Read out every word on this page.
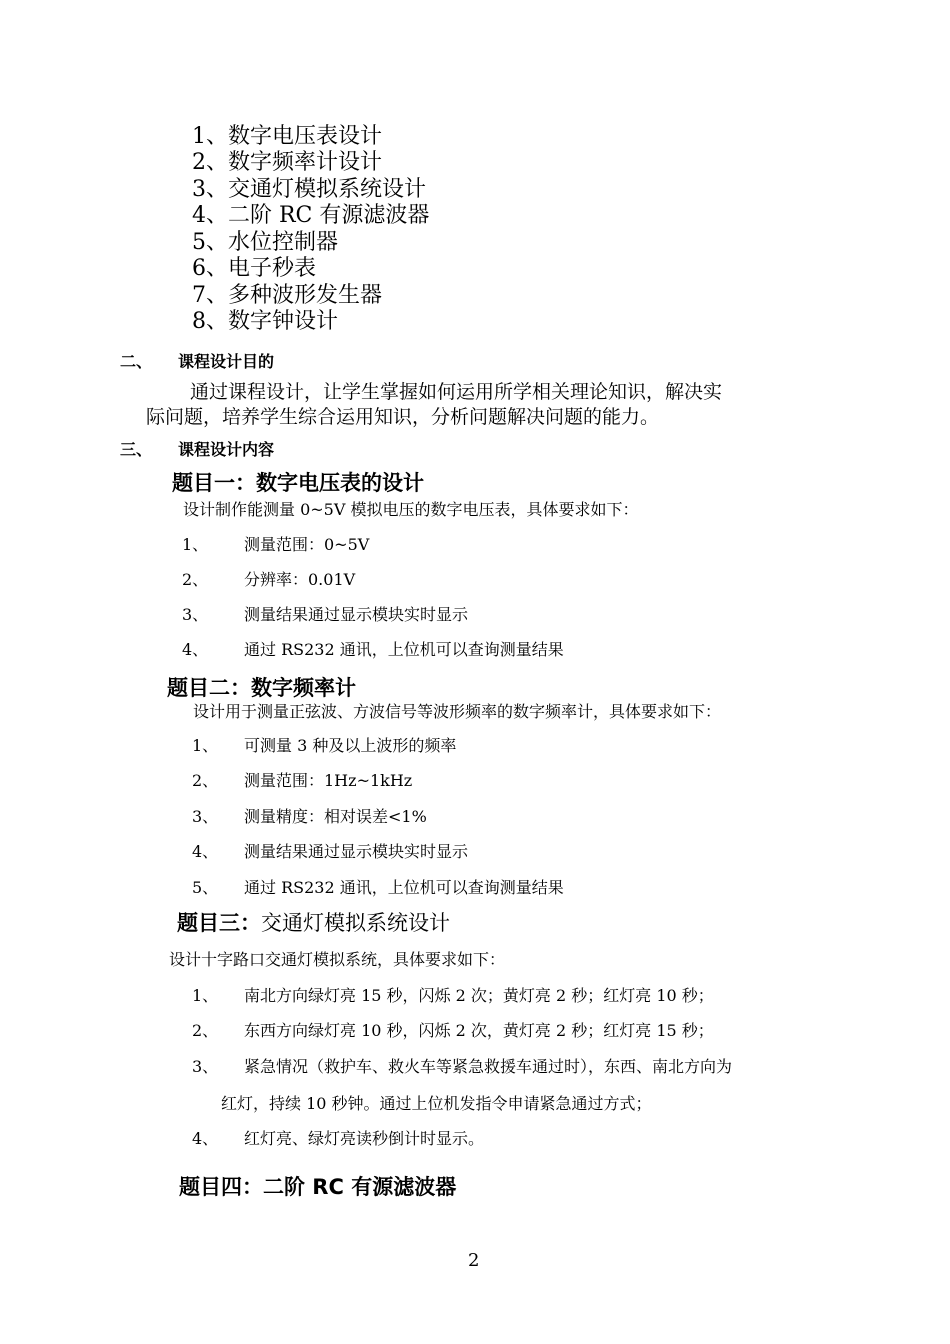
1、数字电压表设计
2、数字频率计设计
3、交通灯模拟系统设计
4、二阶 RC 有源滤波器
5、水位控制器
6、电子秒表
7、多种波形发生器
8、数字钟设计
二、 课程设计目的
通过课程设计，让学生掌握如何运用所学相关理论知识，解决实
际问题，培养学生综合运用知识，分析问题解决问题的能力。
三、 课程设计内容
题目一：数字电压表的设计
设计制作能测量 0~5V 模拟电压的数字电压表，具体要求如下：
1、 测量范围：0~5V
2、 分辨率：0.01V
3、 测量结果通过显示模块实时显示
4、 通过 RS232 通讯，上位机可以查询测量结果
题目二：数字频率计
设计用于测量正弦波、方波信号等波形频率的数字频率计，具体要求如下：
1、 可测量 3 种及以上波形的频率
2、 测量范围：1Hz~1kHz
3、 测量精度：相对误差<1%
4、 测量结果通过显示模块实时显示
5、 通过 RS232 通讯，上位机可以查询测量结果
题目三：交通灯模拟系统设计
设计十字路口交通灯模拟系统，具体要求如下：
1、 南北方向绿灯亮 15 秒，闪烁 2 次；黄灯亮 2 秒；红灯亮 10 秒；
2、 东西方向绿灯亮 10 秒，闪烁 2 次，黄灯亮 2 秒；红灯亮 15 秒；
3、 紧急情况（救护车、救火车等紧急救援车通过时），东西、南北方向为
红灯，持续 10 秒钟。通过上位机发指令申请紧急通过方式；
4、 红灯亮、绿灯亮读秒倒计时显示。
题目四：二阶 RC 有源滤波器
2
